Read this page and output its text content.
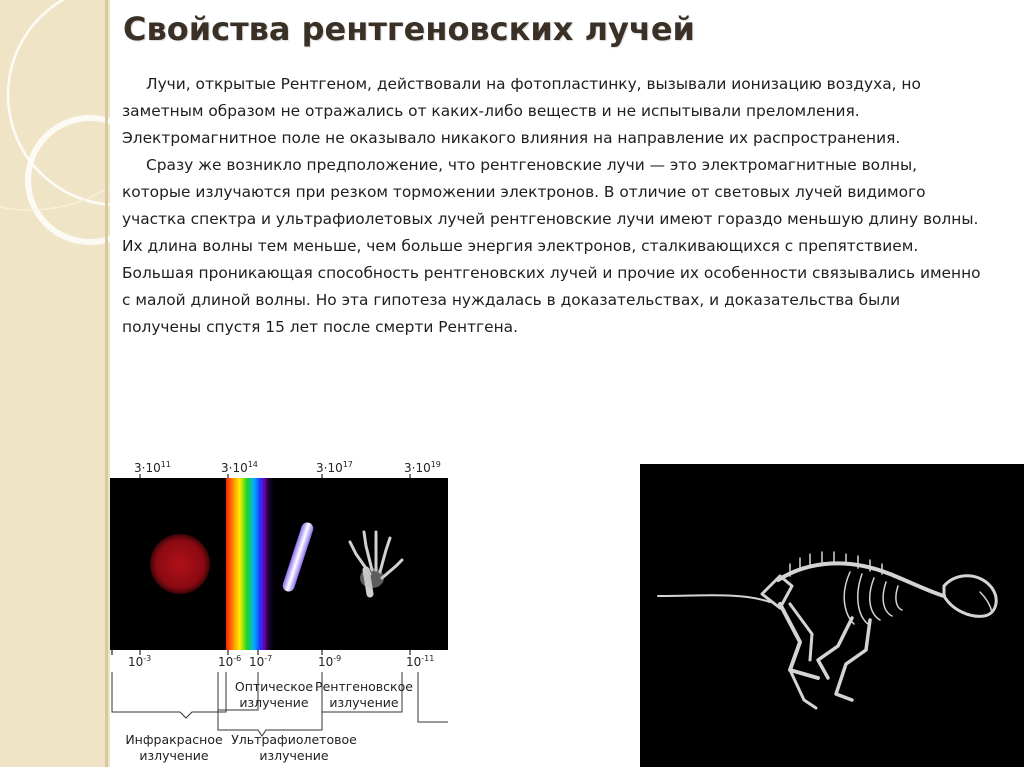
Свойства рентгеновских лучей

Лучи, открытые Рентгеном, действовали на фотопластинку, вызывали ионизацию воздуха, но заметным образом не отражались от каких-либо веществ и не испытывали преломления. Электромагнитное поле не оказывало никакого влияния на направление их распространения.

Сразу же возникло предположение, что рентгеновские лучи — это электромагнитные волны, которые излучаются при резком торможении электронов. В отличие от световых лучей видимого участка спектра и ультрафиолетовых лучей рентгеновские лучи имеют гораздо меньшую длину волны. Их длина волны тем меньше, чем больше энергия электронов, сталкивающихся с препятствием. Большая проникающая способность рентгеновских лучей и прочие их особенности связывались именно с малой длиной волны. Но эта гипотеза нуждалась в доказательствах, и доказательства были получены спустя 15 лет после смерти Рентгена.

$3\cdot 10^{11}$	$3\cdot 10^{14}$	$3\cdot 10^{17}$	$3\cdot 10^{19}$
$10^{-3}$	$10^{-6}$ $10^{-7}$	$10^{-9}$	$10^{-11}$
Оптическое
излучение
Рентгеновское
излучение
Инфракрасное
излучение
Ультрафиолетовое
излучение
